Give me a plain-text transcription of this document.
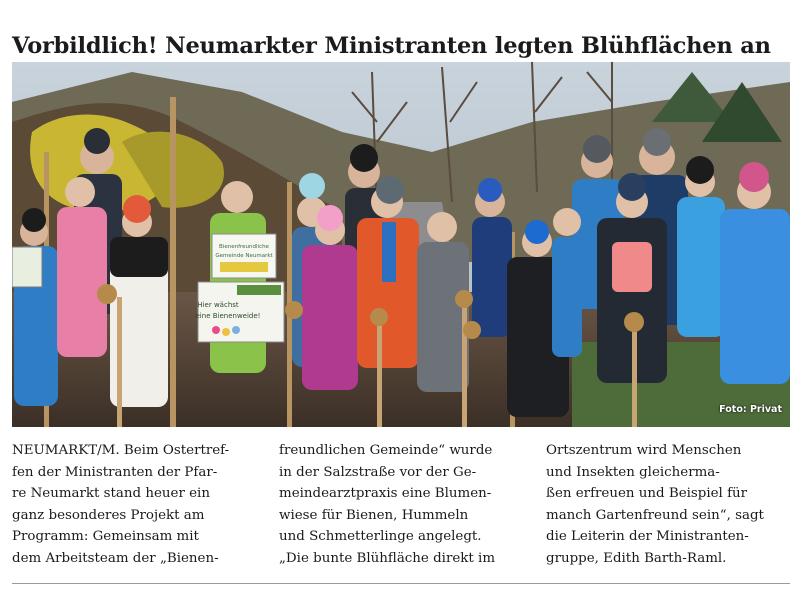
Vorbildlich! Neumarkter Ministranten legten Blühflächen an
Bienenfreundliche
Gemeinde Neumarkt
Hier wächst
eine Bienenweide!
Foto: Privat

NEUMARKT/M. Beim Ostertref-
fen der Ministranten der Pfar-
re Neumarkt stand heuer ein
ganz besonderes Projekt am
Programm: Gemeinsam mit
dem Arbeitsteam der „Bienen-

freundlichen Gemeinde“ wurde
in der Salzstraße vor der Ge-
meindearztpraxis eine Blumen-
wiese für Bienen, Hummeln
und Schmetterlinge angelegt.
„Die bunte Blühfläche direkt im

Ortszentrum wird Menschen
und Insekten gleicherma-
ßen erfreuen und Beispiel für
manch Gartenfreund sein“, sagt
die Leiterin der Ministranten-
gruppe, Edith Barth-Raml.
